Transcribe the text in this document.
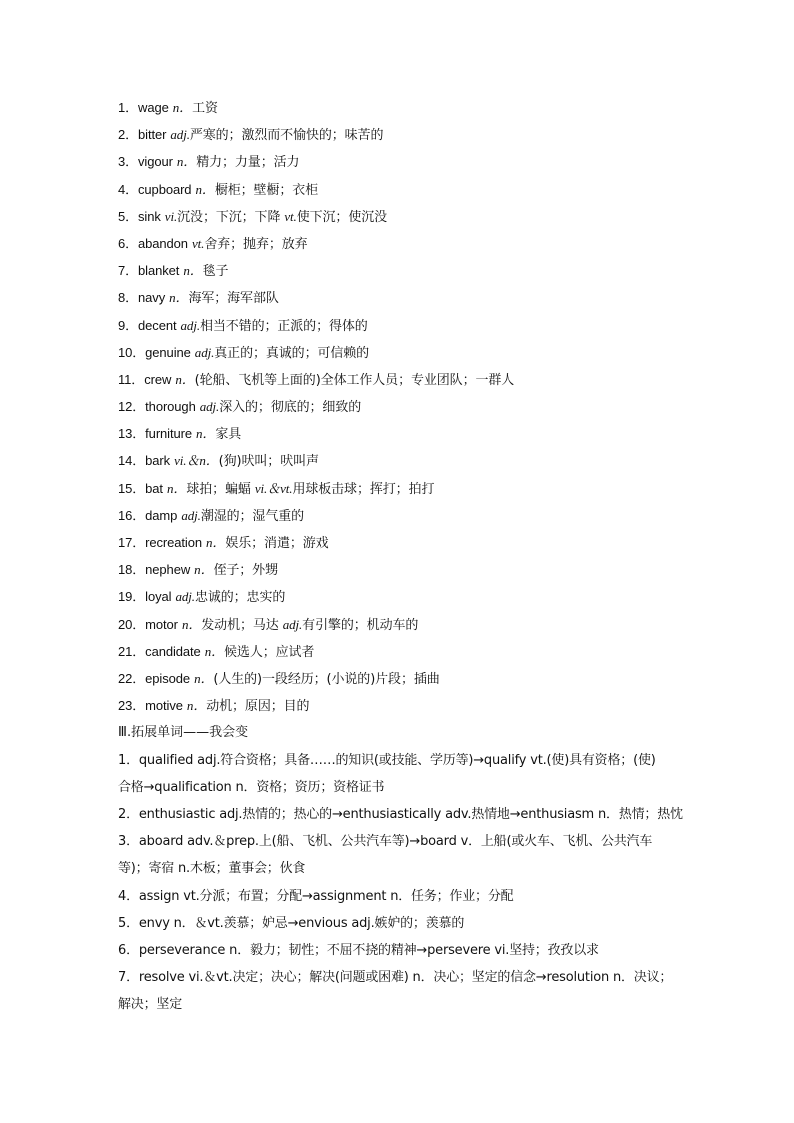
1．wage n．工资
2．bitter adj.严寒的；激烈而不愉快的；味苦的
3．vigour n．精力；力量；活力
4．cupboard n．橱柜；壁橱；衣柜
5．sink vi.沉没；下沉；下降 vt.使下沉；使沉没
6．abandon vt.舍弃；抛弃；放弃
7．blanket n．毯子
8．navy n．海军；海军部队
9．decent adj.相当不错的；正派的；得体的
10．genuine adj.真正的；真诚的；可信赖的
11．crew n．(轮船、飞机等上面的)全体工作人员；专业团队；一群人
12．thorough adj.深入的；彻底的；细致的
13．furniture n．家具
14．bark vi.＆n．(狗)吠叫；吠叫声
15．bat n．球拍；蝙蝠 vi.＆vt.用球板击球；挥打；拍打
16．damp adj.潮湿的；湿气重的
17．recreation n．娱乐；消遣；游戏
18．nephew n．侄子；外甥
19．loyal adj.忠诚的；忠实的
20．motor n．发动机；马达 adj.有引擎的；机动车的
21．candidate n．候选人；应试者
22．episode n．(人生的)一段经历；(小说的)片段；插曲
23．motive n．动机；原因；目的
Ⅲ.拓展单词——我会变
1．qualified adj.符合资格；具备……的知识(或技能、学历等)→qualify vt.(使)具有资格；(使)
合格→qualification n．资格；资历；资格证书
2．enthusiastic adj.热情的；热心的→enthusiastically adv.热情地→enthusiasm n．热情；热忱
3．aboard adv.＆prep.上(船、飞机、公共汽车等)→board v．上船(或火车、飞机、公共汽车
等)；寄宿 n.木板；董事会；伙食
4．assign vt.分派；布置；分配→assignment n．任务；作业；分配
5．envy n．＆vt.羡慕；妒忌→envious adj.嫉妒的；羡慕的
6．perseverance n．毅力；韧性；不屈不挠的精神→persevere vi.坚持；孜孜以求
7．resolve vi.＆vt.决定；决心；解决(问题或困难) n．决心；坚定的信念→resolution n．决议；
解决；坚定
